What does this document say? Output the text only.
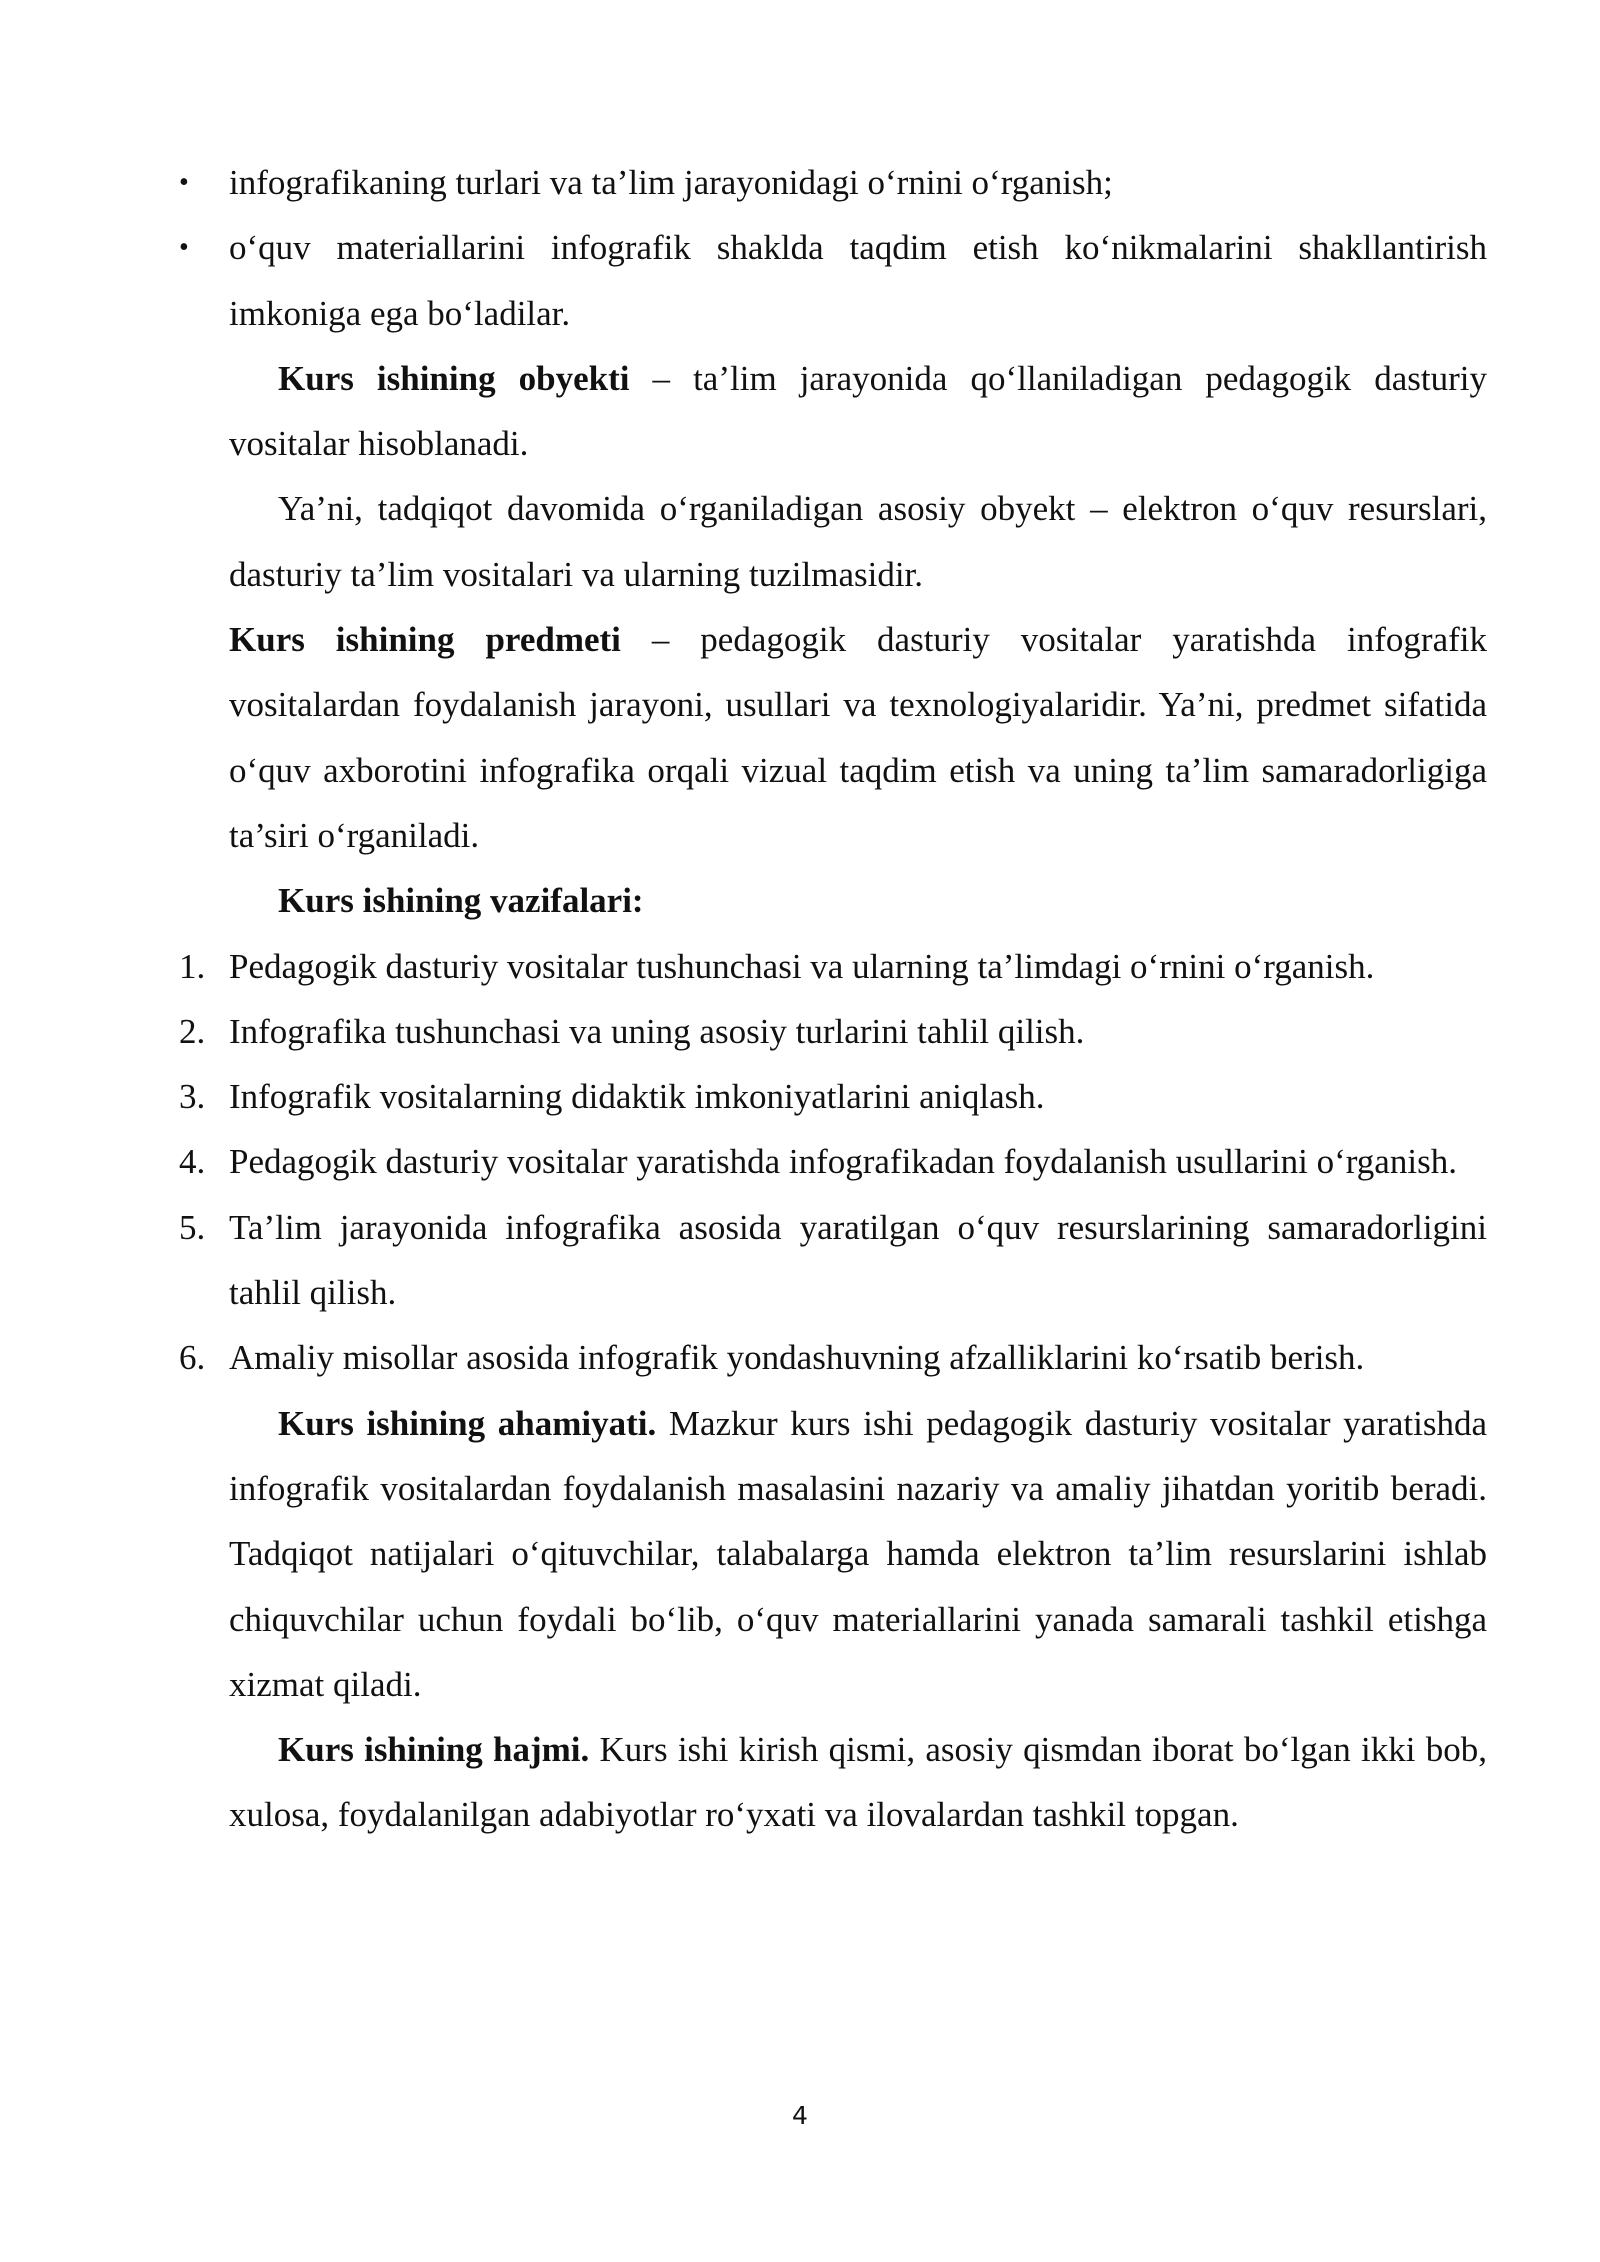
•	infografikaning turlari va ta’lim jarayonidagi o‘rnini o‘rganish;

•	o‘quv materiallarini infografik shaklda taqdim etish ko‘nikmalarini shakllantirish imkoniga ega bo‘ladilar.

Kurs ishining obyekti – ta’lim jarayonida qo‘llaniladigan pedagogik dasturiy vositalar hisoblanadi.

Ya’ni, tadqiqot davomida o‘rganiladigan asosiy obyekt – elektron o‘quv resurslari, dasturiy ta’lim vositalari va ularning tuzilmasidir.

Kurs ishining predmeti – pedagogik dasturiy vositalar yaratishda infografik vositalardan foydalanish jarayoni, usullari va texnologiyalaridir. Ya’ni, predmet sifatida o‘quv axborotini infografika orqali vizual taqdim etish va uning ta’lim samaradorligiga ta’siri o‘rganiladi.

Kurs ishining vazifalari:

1. Pedagogik dasturiy vositalar tushunchasi va ularning ta’limdagi o‘rnini o‘rganish.

2. Infografika tushunchasi va uning asosiy turlarini tahlil qilish.

3. Infografik vositalarning didaktik imkoniyatlarini aniqlash.

4. Pedagogik dasturiy vositalar yaratishda infografikadan foydalanish usullarini o‘rganish.

5. Ta’lim jarayonida infografika asosida yaratilgan o‘quv resurslarining samaradorligini tahlil qilish.

6. Amaliy misollar asosida infografik yondashuvning afzalliklarini ko‘rsatib berish.

Kurs ishining ahamiyati. Mazkur kurs ishi pedagogik dasturiy vositalar yaratishda infografik vositalardan foydalanish masalasini nazariy va amaliy jihatdan yoritib beradi. Tadqiqot natijalari o‘qituvchilar, talabalarga hamda elektron ta’lim resurslarini ishlab chiquvchilar uchun foydali bo‘lib, o‘quv materiallarini yanada samarali tashkil etishga xizmat qiladi.

Kurs ishining hajmi. Kurs ishi kirish qismi, asosiy qismdan iborat bo‘lgan ikki bob, xulosa, foydalanilgan adabiyotlar ro‘yxati va ilovalardan tashkil topgan.

4
